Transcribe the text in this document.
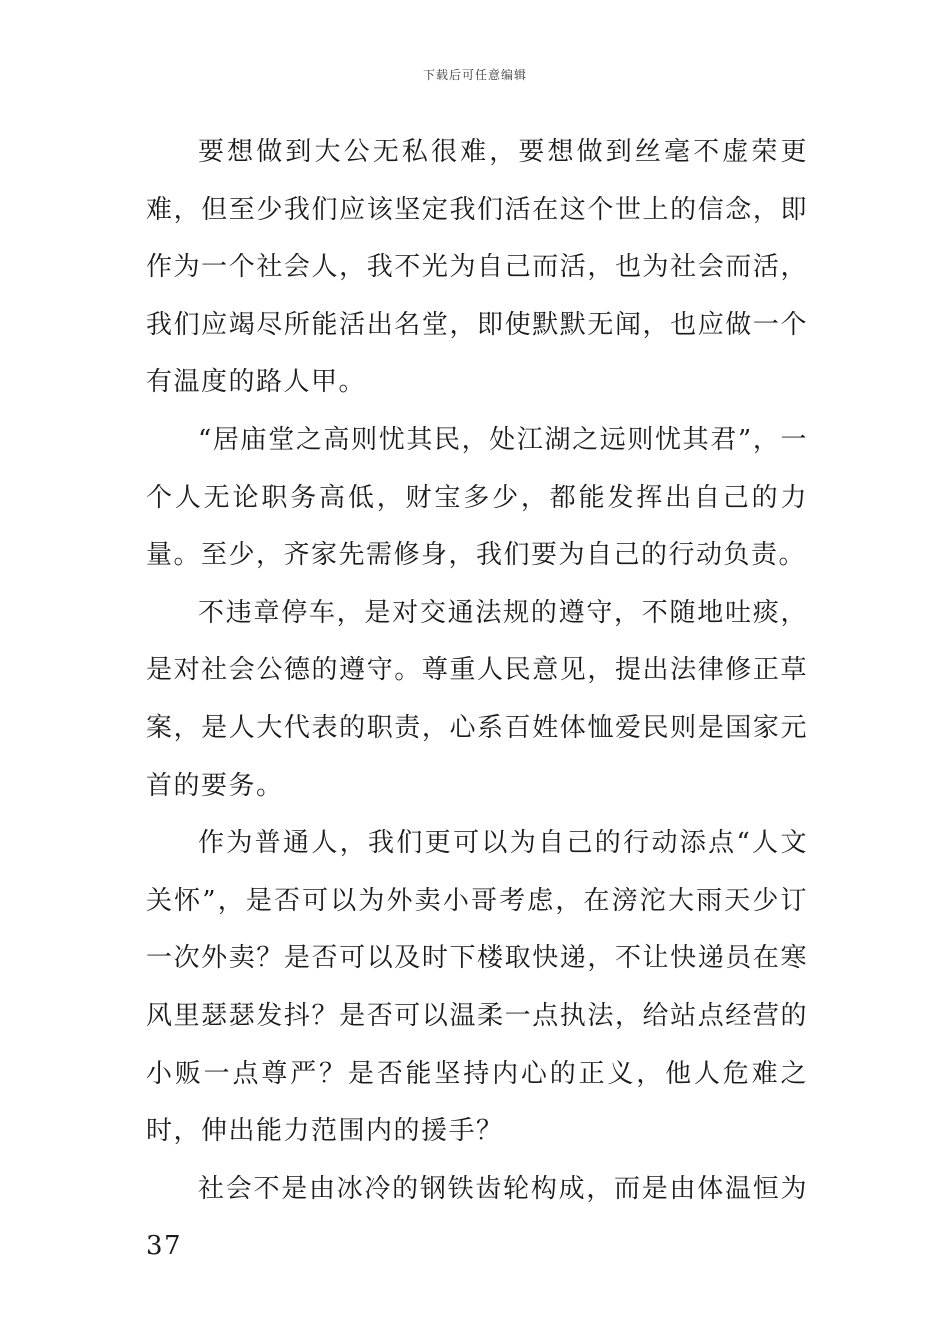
下载后可任意编辑

要想做到大公无私很难，要想做到丝毫不虚荣更难，但至少我们应该坚定我们活在这个世上的信念，即作为一个社会人，我不光为自己而活，也为社会而活，我们应竭尽所能活出名堂，即使默默无闻，也应做一个有温度的路人甲。

“居庙堂之高则忧其民，处江湖之远则忧其君”，一个人无论职务高低，财宝多少，都能发挥出自己的力量。至少，齐家先需修身，我们要为自己的行动负责。

不违章停车，是对交通法规的遵守，不随地吐痰，是对社会公德的遵守。尊重人民意见，提出法律修正草案，是人大代表的职责，心系百姓体恤爱民则是国家元首的要务。

作为普通人，我们更可以为自己的行动添点“人文关怀”，是否可以为外卖小哥考虑，在滂沱大雨天少订一次外卖？是否可以及时下楼取快递，不让快递员在寒风里瑟瑟发抖？是否可以温柔一点执法，给站点经营的小贩一点尊严？是否能坚持内心的正义，他人危难之时，伸出能力范围内的援手？

社会不是由冰冷的钢铁齿轮构成，而是由体温恒为37
